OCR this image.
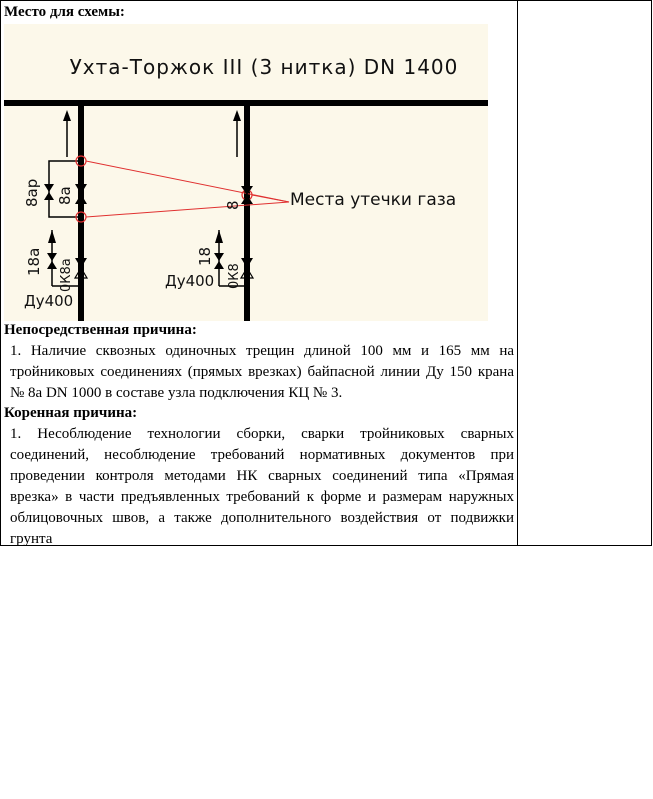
Место для схемы:

Ухта-Торжок III (3 нитка) DN 1400
Места утечки газа
8ар 8а
18а 0К8а
Ду400
8
18
0К8
Ду400

Непосредственная причина:

1. Наличие сквозных одиночных трещин длиной 100 мм и 165 мм на тройниковых соединениях (прямых врезках) байпасной линии Ду 150 крана № 8а DN 1000 в составе узла подключения КЦ № 3.

Коренная причина:

1. Несоблюдение технологии сборки, сварки тройниковых сварных соединений, несоблюдение требований нормативных документов при проведении контроля методами НК сварных соединений типа «Прямая врезка» в части предъявленных требований к форме и размерам наружных облицовочных швов, а также дополнительного воздействия от подвижки грунта
